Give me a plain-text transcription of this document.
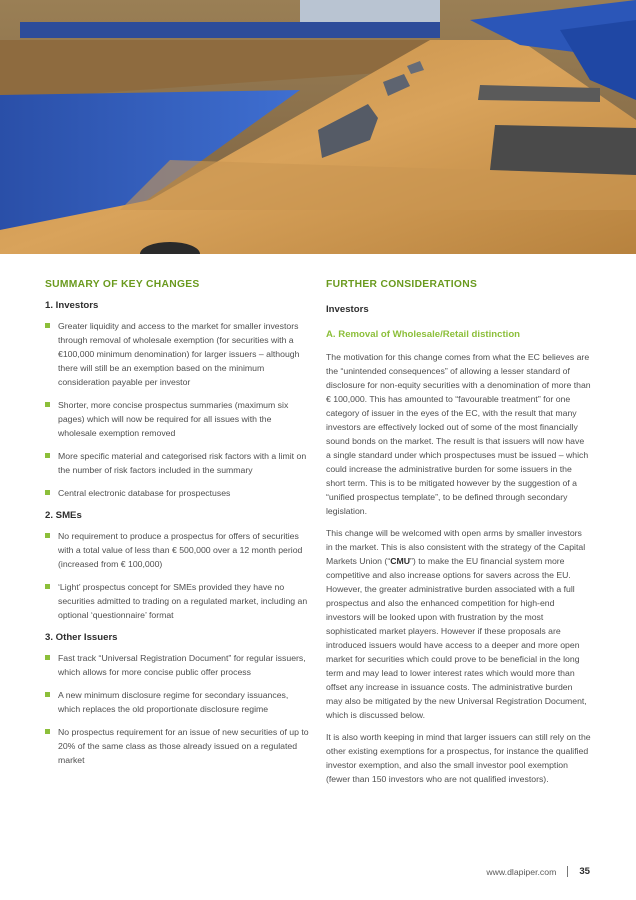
SUMMARY OF KEY CHANGES
1. Investors
Greater liquidity and access to the market for smaller investors through removal of wholesale exemption (for securities with a €100,000 minimum denomination) for larger issuers – although there will still be an exemption based on the minimum consideration payable per investor
Shorter, more concise prospectus summaries (maximum six pages) which will now be required for all issues with the wholesale exemption removed
More specific material and categorised risk factors with a limit on the number of risk factors included in the summary
Central electronic database for prospectuses
2. SMEs
No requirement to produce a prospectus for offers of securities with a total value of less than € 500,000 over a 12 month period (increased from € 100,000)
‘Light’ prospectus concept for SMEs provided they have no securities admitted to trading on a regulated market, including an optional ‘questionnaire’ format
3. Other Issuers
Fast track “Universal Registration Document” for regular issuers, which allows for more concise public offer process
A new minimum disclosure regime for secondary issuances, which replaces the old proportionate disclosure regime
No prospectus requirement for an issue of new securities of up to 20% of the same class as those already issued on a regulated market
FURTHER CONSIDERATIONS
Investors
A. Removal of Wholesale/Retail distinction

The motivation for this change comes from what the EC believes are the “unintended consequences” of allowing a lesser standard of disclosure for non-equity securities with a denomination of more than € 100,000. This has amounted to “favourable treatment” for one category of issuer in the eyes of the EC, with the result that many investors are effectively locked out of some of the most financially sound bonds on the market. The result is that issuers will now have a single standard under which prospectuses must be issued – which could increase the administrative burden for some issuers in the short term. This is to be mitigated however by the suggestion of a “unified prospectus template”, to be defined through secondary legislation.

This change will be welcomed with open arms by smaller investors in the market. This is also consistent with the strategy of the Capital Markets Union (“CMU”) to make the EU financial system more competitive and also increase options for savers across the EU. However, the greater administrative burden associated with a full prospectus and also the enhanced competition for high-end investors will be looked upon with frustration by the most sophisticated market players. However if these proposals are introduced issuers would have access to a deeper and more open market for securities which could prove to be beneficial in the long term and may lead to lower interest rates which would more than offset any increase in issuance costs. The administrative burden may also be mitigated by the new Universal Registration Document, which is discussed below.

It is also worth keeping in mind that larger issuers can still rely on the other existing exemptions for a prospectus, for instance the qualified investor exemption, and also the small investor pool exemption (fewer than 150 investors who are not qualified investors).

www.dlapiper.com 35
